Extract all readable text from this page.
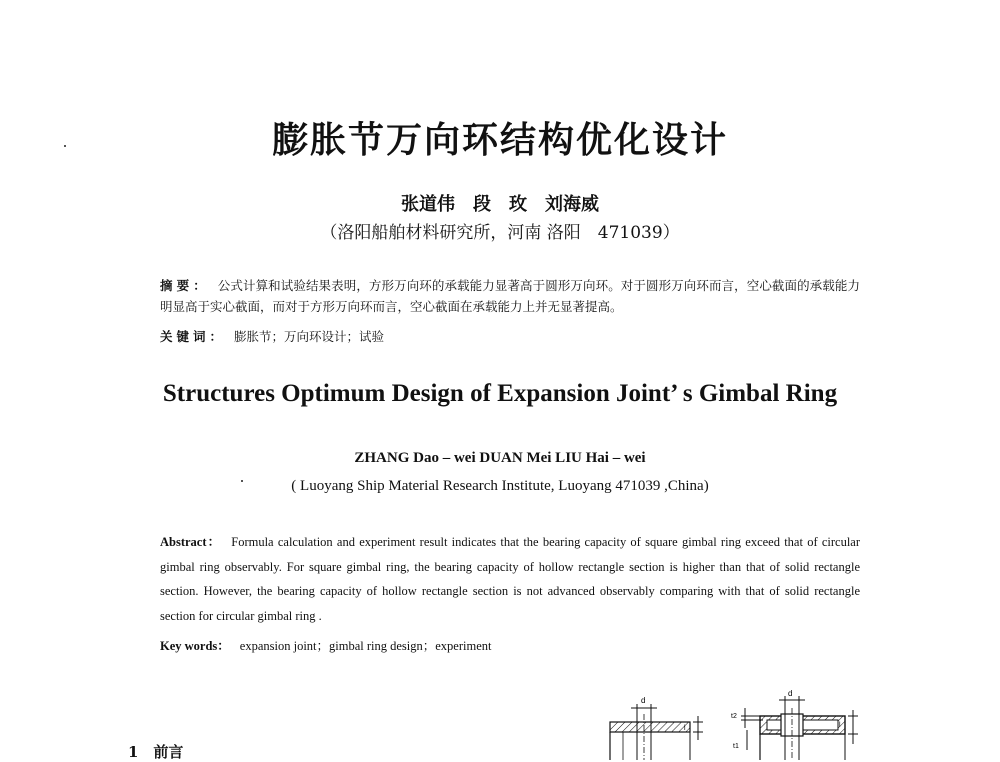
膨胀节万向环结构优化设计
张道伟　段　玫　刘海威
（洛阳船舶材料研究所，河南 洛阳　471039）
摘要： 公式计算和试验结果表明，方形万向环的承载能力显著高于圆形万向环。对于圆形万向环而言，空心截面的承载能力明显高于实心截面，而对于方形万向环而言，空心截面在承载能力上并无显著提高。
关键词： 膨胀节；万向环设计；试验
Structures Optimum Design of Expansion Joint’ s Gimbal Ring
ZHANG Dao – wei DUAN Mei LIU Hai – wei
( Luoyang Ship Material Research Institute, Luoyang 471039 ,China)
Abstract： Formula calculation and experiment result indicates that the bearing capacity of square gimbal ring exceed that of circular gimbal ring observably. For square gimbal ring, the bearing capacity of hollow rectangle section is higher than that of solid rectangle section. However, the bearing capacity of hollow rectangle section is not advanced observably comparing with that of solid rectangle section for circular gimbal ring .
Key words： expansion joint；gimbal ring design；experiment
1　前言
d
l
d
t2
t1
l
